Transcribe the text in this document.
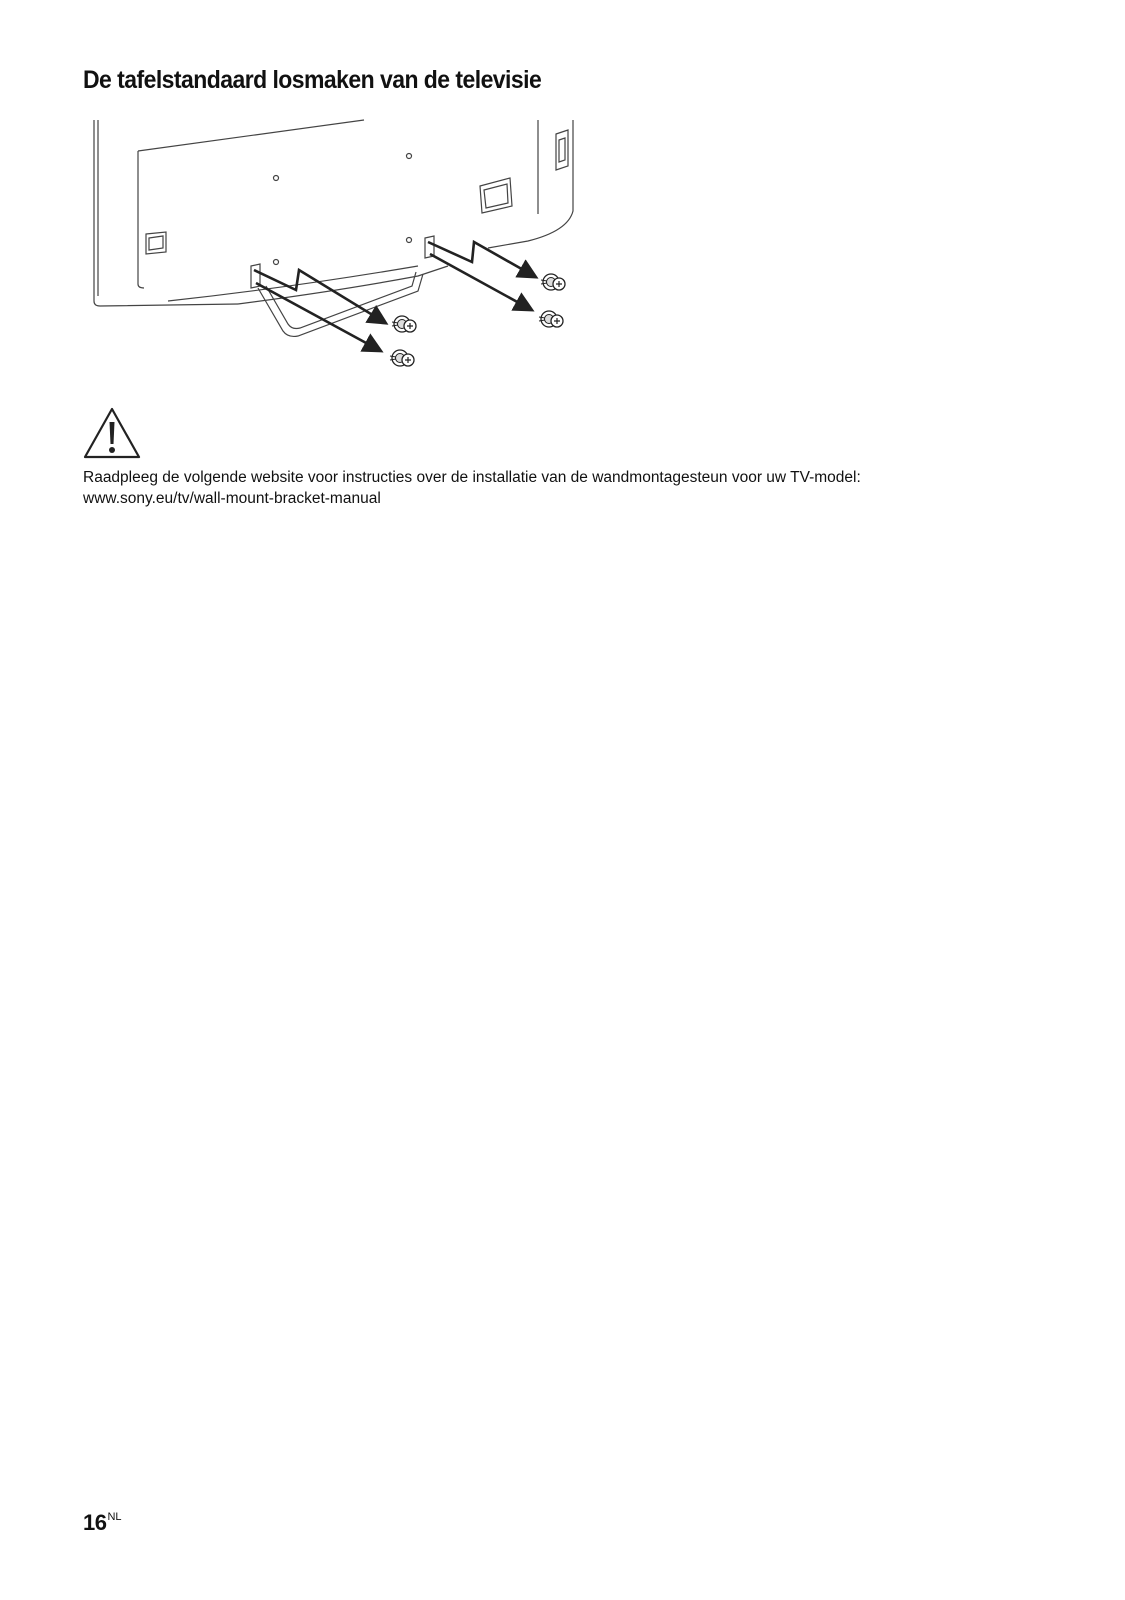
De tafelstandaard losmaken van de televisie

Raadpleeg de volgende website voor instructies over de installatie van de wandmontagesteun voor uw TV-model:

www.sony.eu/tv/wall-mount-bracket-manual

$16^{NL}$
